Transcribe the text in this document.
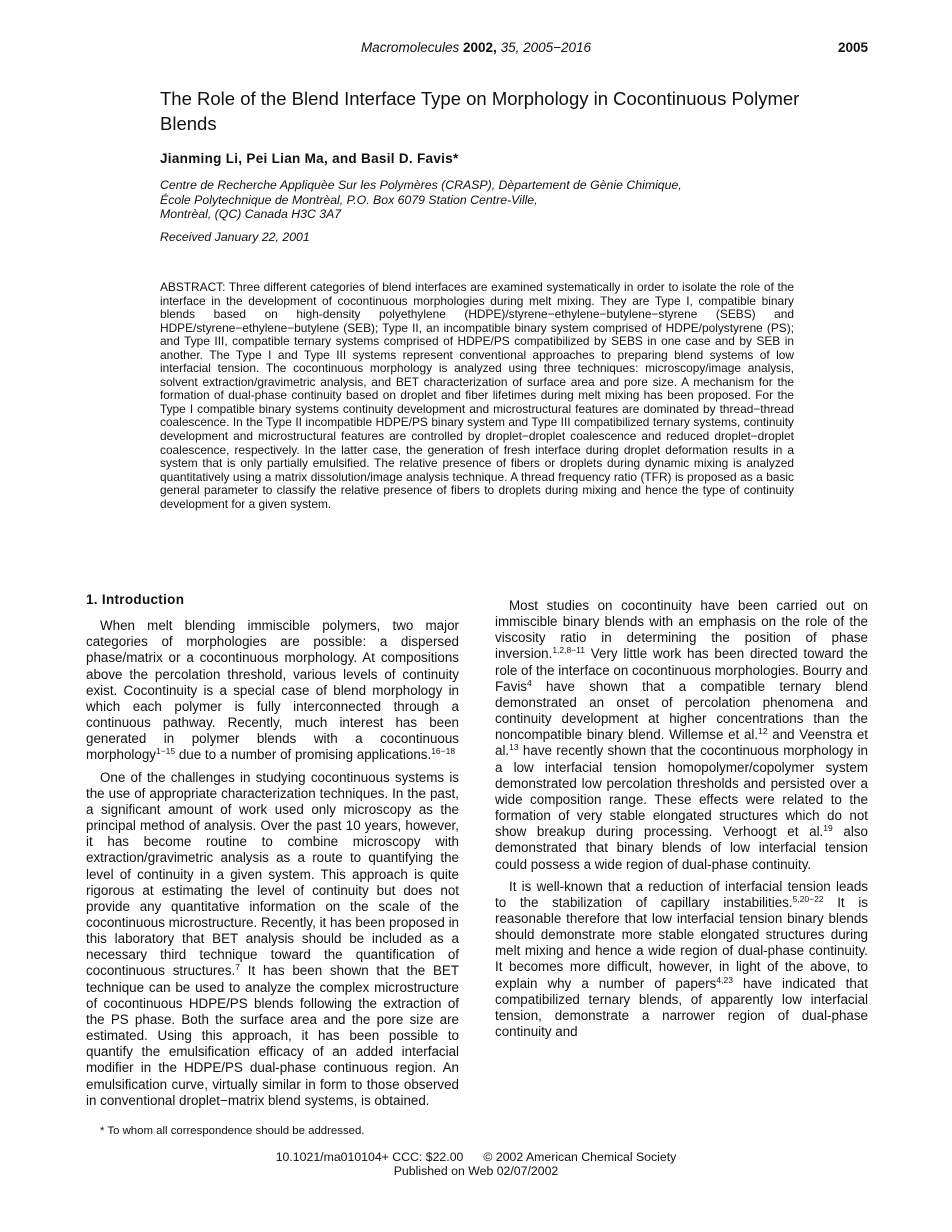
Macromolecules 2002, 35, 2005−2016	2005
The Role of the Blend Interface Type on Morphology in Cocontinuous Polymer Blends
Jianming Li, Pei Lian Ma, and Basil D. Favis*
Centre de Recherche Appliquèe Sur les Polymères (CRASP), Dèpartement de Gènie Chimique,
École Polytechnique de Montrèal, P.O. Box 6079 Station Centre-Ville,
Montrèal, (QC) Canada H3C 3A7
Received January 22, 2001

ABSTRACT: Three different categories of blend interfaces are examined systematically in order to isolate the role of the interface in the development of cocontinuous morphologies during melt mixing. They are Type I, compatible binary blends based on high-density polyethylene (HDPE)/styrene−ethylene−butylene−styrene (SEBS) and HDPE/styrene−ethylene−butylene (SEB); Type II, an incompatible binary system comprised of HDPE/polystyrene (PS); and Type III, compatible ternary systems comprised of HDPE/PS compatibilized by SEBS in one case and by SEB in another. The Type I and Type III systems represent conventional approaches to preparing blend systems of low interfacial tension. The cocontinuous morphology is analyzed using three techniques: microscopy/image analysis, solvent extraction/gravimetric analysis, and BET characterization of surface area and pore size. A mechanism for the formation of dual-phase continuity based on droplet and fiber lifetimes during melt mixing has been proposed. For the Type I compatible binary systems continuity development and microstructural features are dominated by thread−thread coalescence. In the Type II incompatible HDPE/PS binary system and Type III compatibilized ternary systems, continuity development and microstructural features are controlled by droplet−droplet coalescence and reduced droplet−droplet coalescence, respectively. In the latter case, the generation of fresh interface during droplet deformation results in a system that is only partially emulsified. The relative presence of fibers or droplets during dynamic mixing is analyzed quantitatively using a matrix dissolution/image analysis technique. A thread frequency ratio (TFR) is proposed as a basic general parameter to classify the relative presence of fibers to droplets during mixing and hence the type of continuity development for a given system.

1. Introduction

When melt blending immiscible polymers, two major categories of morphologies are possible: a dispersed phase/matrix or a cocontinuous morphology. At compositions above the percolation threshold, various levels of continuity exist. Cocontinuity is a special case of blend morphology in which each polymer is fully interconnected through a continuous pathway. Recently, much interest has been generated in polymer blends with a cocontinuous morphology$^{1-15}$ due to a number of promising applications.$^{16-18}$

One of the challenges in studying cocontinuous systems is the use of appropriate characterization techniques. In the past, a significant amount of work used only microscopy as the principal method of analysis. Over the past 10 years, however, it has become routine to combine microscopy with extraction/gravimetric analysis as a route to quantifying the level of continuity in a given system. This approach is quite rigorous at estimating the level of continuity but does not provide any quantitative information on the scale of the cocontinuous microstructure. Recently, it has been proposed in this laboratory that BET analysis should be included as a necessary third technique toward the quantification of cocontinuous structures.$^7$ It has been shown that the BET technique can be used to analyze the complex microstructure of cocontinuous HDPE/PS blends following the extraction of the PS phase. Both the surface area and the pore size are estimated. Using this approach, it has been possible to quantify the emulsification efficacy of an added interfacial modifier in the HDPE/PS dual-phase continuous region. An emulsification curve, virtually similar in form to those observed in conventional droplet−matrix blend systems, is obtained.

Most studies on cocontinuity have been carried out on immiscible binary blends with an emphasis on the role of the viscosity ratio in determining the position of phase inversion.$^{1,2,8-11}$ Very little work has been directed toward the role of the interface on cocontinuous morphologies. Bourry and Favis$^4$ have shown that a compatible ternary blend demonstrated an onset of percolation phenomena and continuity development at higher concentrations than the noncompatible binary blend. Willemse et al.$^{12}$ and Veenstra et al.$^{13}$ have recently shown that the cocontinuous morphology in a low interfacial tension homopolymer/copolymer system demonstrated low percolation thresholds and persisted over a wide composition range. These effects were related to the formation of very stable elongated structures which do not show breakup during processing. Verhoogt et al.$^{19}$ also demonstrated that binary blends of low interfacial tension could possess a wide region of dual-phase continuity.

It is well-known that a reduction of interfacial tension leads to the stabilization of capillary instabilities.$^{5,20-22}$ It is reasonable therefore that low interfacial tension binary blends should demonstrate more stable elongated structures during melt mixing and hence a wide region of dual-phase continuity. It becomes more difficult, however, in light of the above, to explain why a number of papers$^{4,23}$ have indicated that compatibilized ternary blends, of apparently low interfacial tension, demonstrate a narrower region of dual-phase continuity and

* To whom all correspondence should be addressed.
10.1021/ma010104+ CCC: $22.00 © 2002 American Chemical Society
Published on Web 02/07/2002
